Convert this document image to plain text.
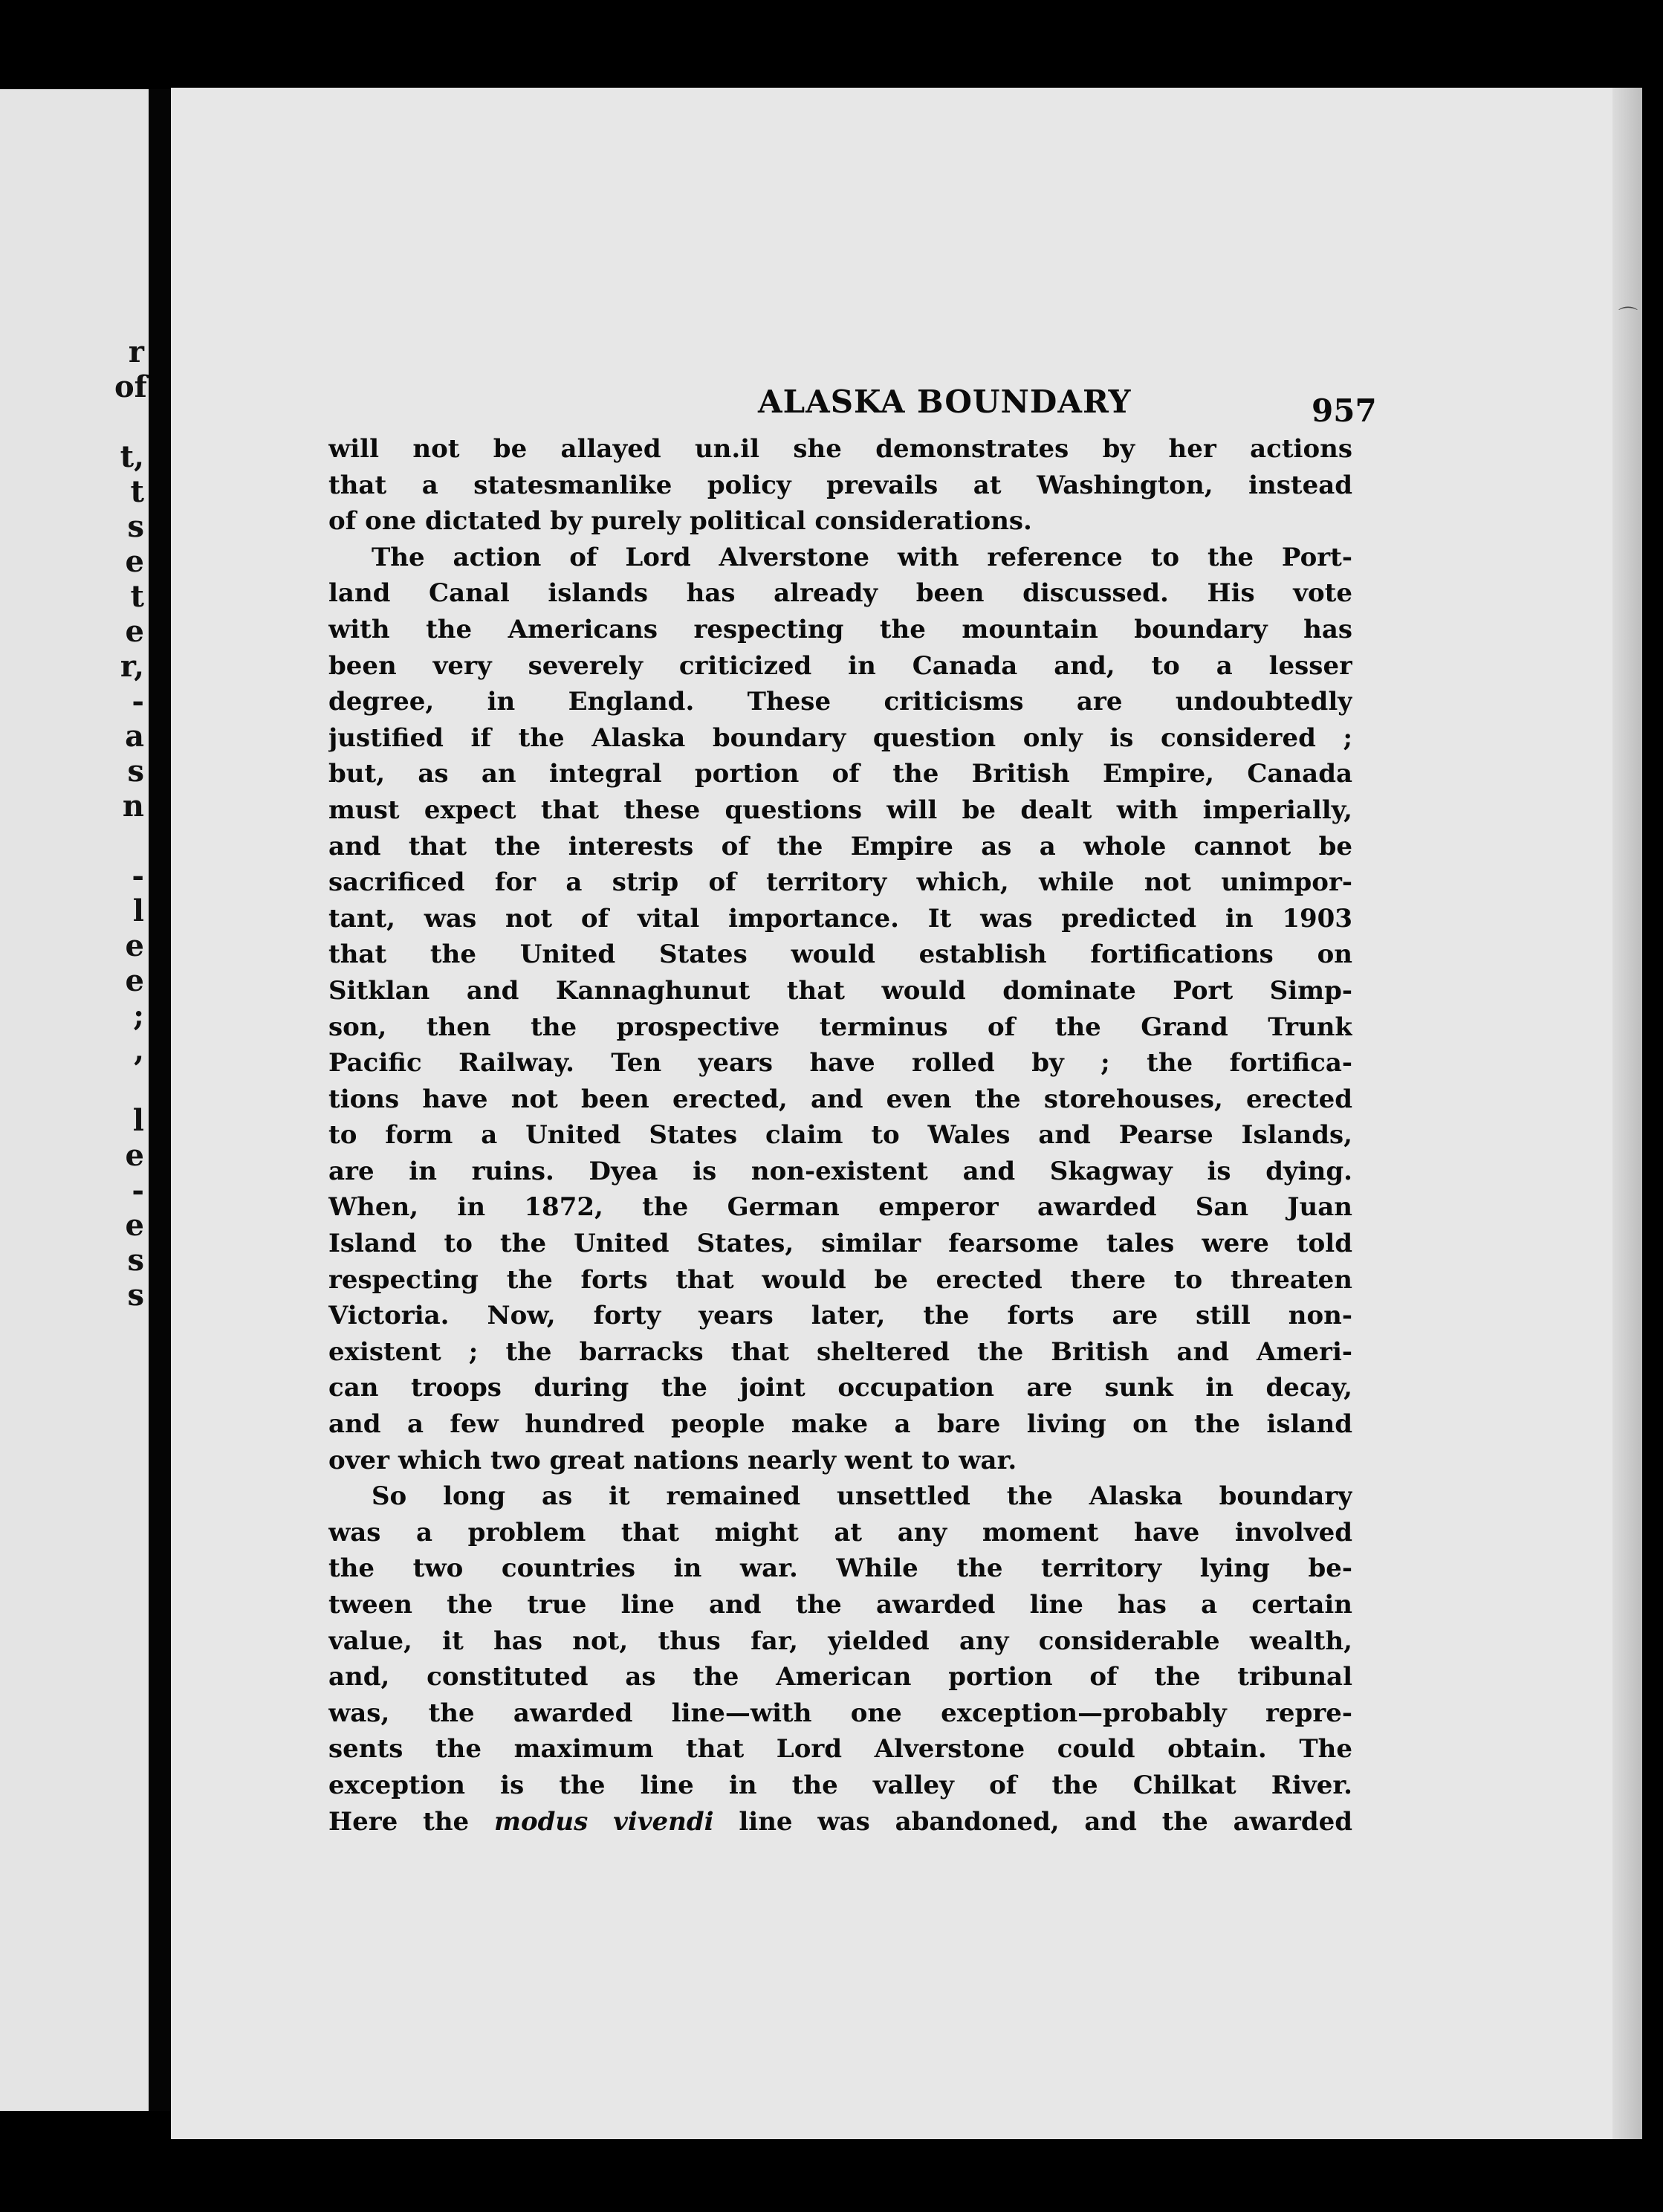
r
of

t,
t
s
e
t
e
r,
-
a
s
n

-
l
e
e
;
,

l
e
-
e
s
s
⌒
ALASKA BOUNDARY	957
will not be allayed un.il she demonstrates by her actions
that a statesmanlike policy prevails at Washington, instead
of one dictated by purely political considerations.
The action of Lord Alverstone with reference to the Port-
land Canal islands has already been discussed. His vote
with the Americans respecting the mountain boundary has
been very severely criticized in Canada and, to a lesser
degree, in England. These criticisms are undoubtedly
justified if the Alaska boundary question only is considered ;
but, as an integral portion of the British Empire, Canada
must expect that these questions will be dealt with imperially,
and that the interests of the Empire as a whole cannot be
sacrificed for a strip of territory which, while not unimpor-
tant, was not of vital importance. It was predicted in 1903
that the United States would establish fortifications on
Sitklan and Kannaghunut that would dominate Port Simp-
son, then the prospective terminus of the Grand Trunk
Pacific Railway. Ten years have rolled by ; the fortifica-
tions have not been erected, and even the storehouses, erected
to form a United States claim to Wales and Pearse Islands,
are in ruins. Dyea is non-existent and Skagway is dying.
When, in 1872, the German emperor awarded San Juan
Island to the United States, similar fearsome tales were told
respecting the forts that would be erected there to threaten
Victoria. Now, forty years later, the forts are still non-
existent ; the barracks that sheltered the British and Ameri-
can troops during the joint occupation are sunk in decay,
and a few hundred people make a bare living on the island
over which two great nations nearly went to war.
So long as it remained unsettled the Alaska boundary
was a problem that might at any moment have involved
the two countries in war. While the territory lying be-
tween the true line and the awarded line has a certain
value, it has not, thus far, yielded any considerable wealth,
and, constituted as the American portion of the tribunal
was, the awarded line—with one exception—probably repre-
sents the maximum that Lord Alverstone could obtain. The
exception is the line in the valley of the Chilkat River.
Here the modus vivendi line was abandoned, and the awarded
